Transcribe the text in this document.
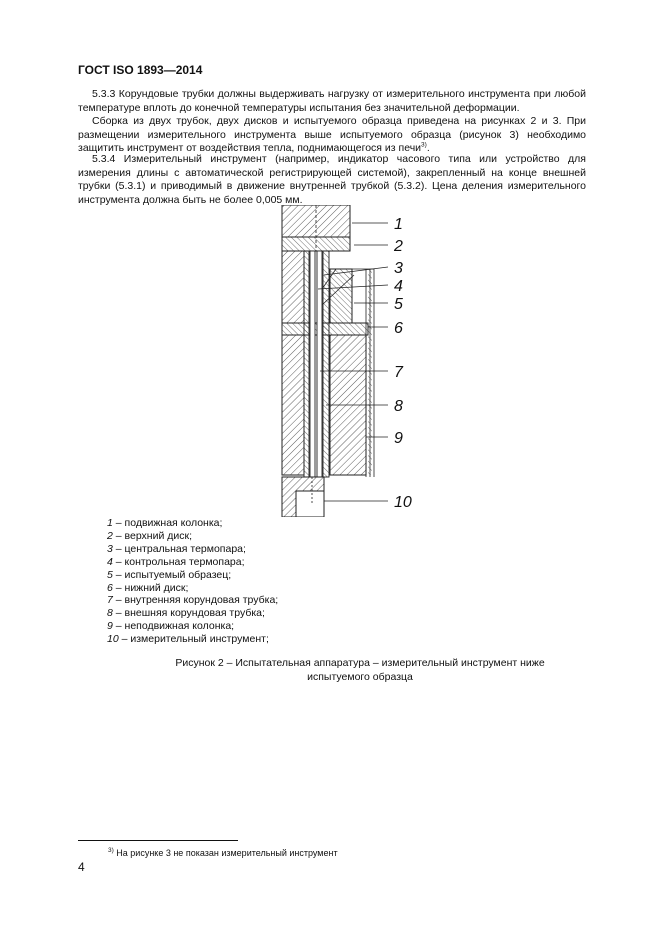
ГОСТ ISO 1893—2014
5.3.3 Корундовые трубки должны выдерживать нагрузку от измерительного инструмента при любой температуре вплоть до конечной температуры испытания без значительной деформации.
Сборка из двух трубок, двух дисков и испытуемого образца приведена на рисунках 2 и 3. При размещении измерительного инструмента выше испытуемого образца (рисунок 3) необходимо защитить инструмент от воздействия тепла, поднимающегося из печи$^{3)}$.
5.3.4 Измерительный инструмент (например, индикатор часового типа или устройство для измерения длины с автоматической регистрирующей системой), закрепленный на конце внешней трубки (5.3.1) и приводимый в движение внутренней трубкой (5.3.2). Цена деления измерительного инструмента должна быть не более 0,005 мм.
1
2
3
4
5
6
7
8
9
10
1 – подвижная колонка;
2 – верхний диск;
3 – центральная термопара;
4 – контрольная термопара;
5 – испытуемый образец;
6 – нижний диск;
7 – внутренняя корундовая трубка;
8 – внешняя корундовая трубка;
9 – неподвижная колонка;
10 – измерительный инструмент;
Рисунок 2 – Испытательная аппаратура – измерительный инструмент ниже
испытуемого образца
$^{3)}$ На рисунке 3 не показан измерительный инструмент
4
